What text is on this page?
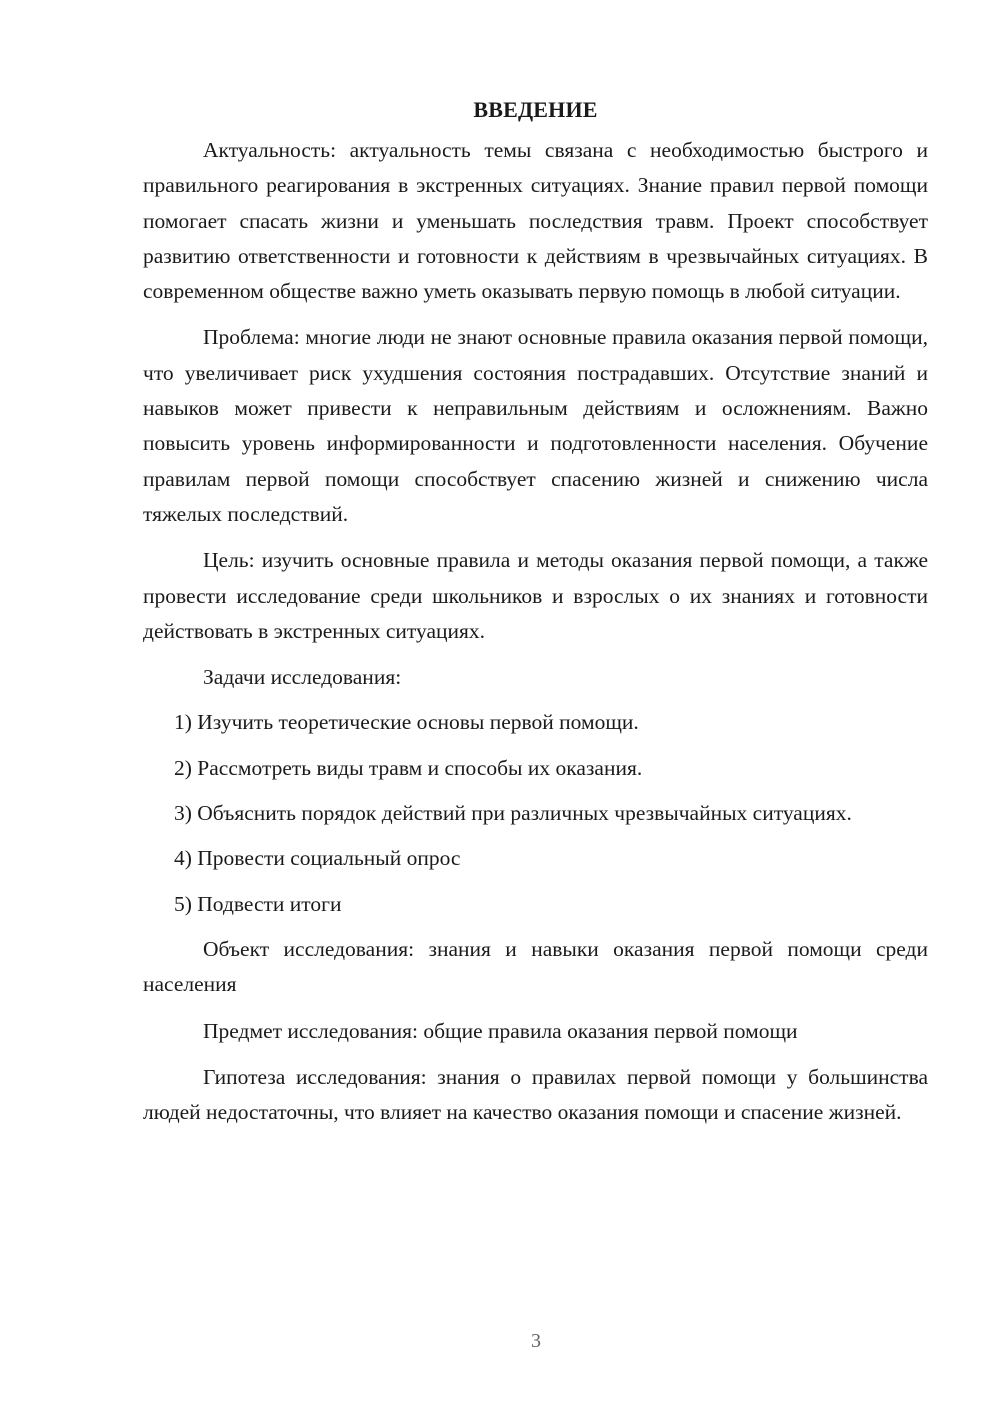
ВВЕДЕНИЕ

Актуальность: актуальность темы связана с необходимостью быстрого и правильного реагирования в экстренных ситуациях. Знание правил первой помощи помогает спасать жизни и уменьшать последствия травм. Проект способствует развитию ответственности и готовности к действиям в чрезвычайных ситуациях. В современном обществе важно уметь оказывать первую помощь в любой ситуации.

Проблема: многие люди не знают основные правила оказания первой помощи, что увеличивает риск ухудшения состояния пострадавших. Отсутствие знаний и навыков может привести к неправильным действиям и осложнениям. Важно повысить уровень информированности и подготовленности населения. Обучение правилам первой помощи способствует спасению жизней и снижению числа тяжелых последствий.

Цель: изучить основные правила и методы оказания первой помощи, а также провести исследование среди школьников и взрослых о их знаниях и готовности действовать в экстренных ситуациях.

Задачи исследования:

1) Изучить теоретические основы первой помощи.

2) Рассмотреть виды травм и способы их оказания.

3) Объяснить порядок действий при различных чрезвычайных ситуациях.

4) Провести социальный опрос

5) Подвести итоги

Объект исследования: знания и навыки оказания первой помощи среди населения

Предмет исследования: общие правила оказания первой помощи

Гипотеза исследования: знания о правилах первой помощи у большинства людей недостаточны, что влияет на качество оказания помощи и спасение жизней.

3
